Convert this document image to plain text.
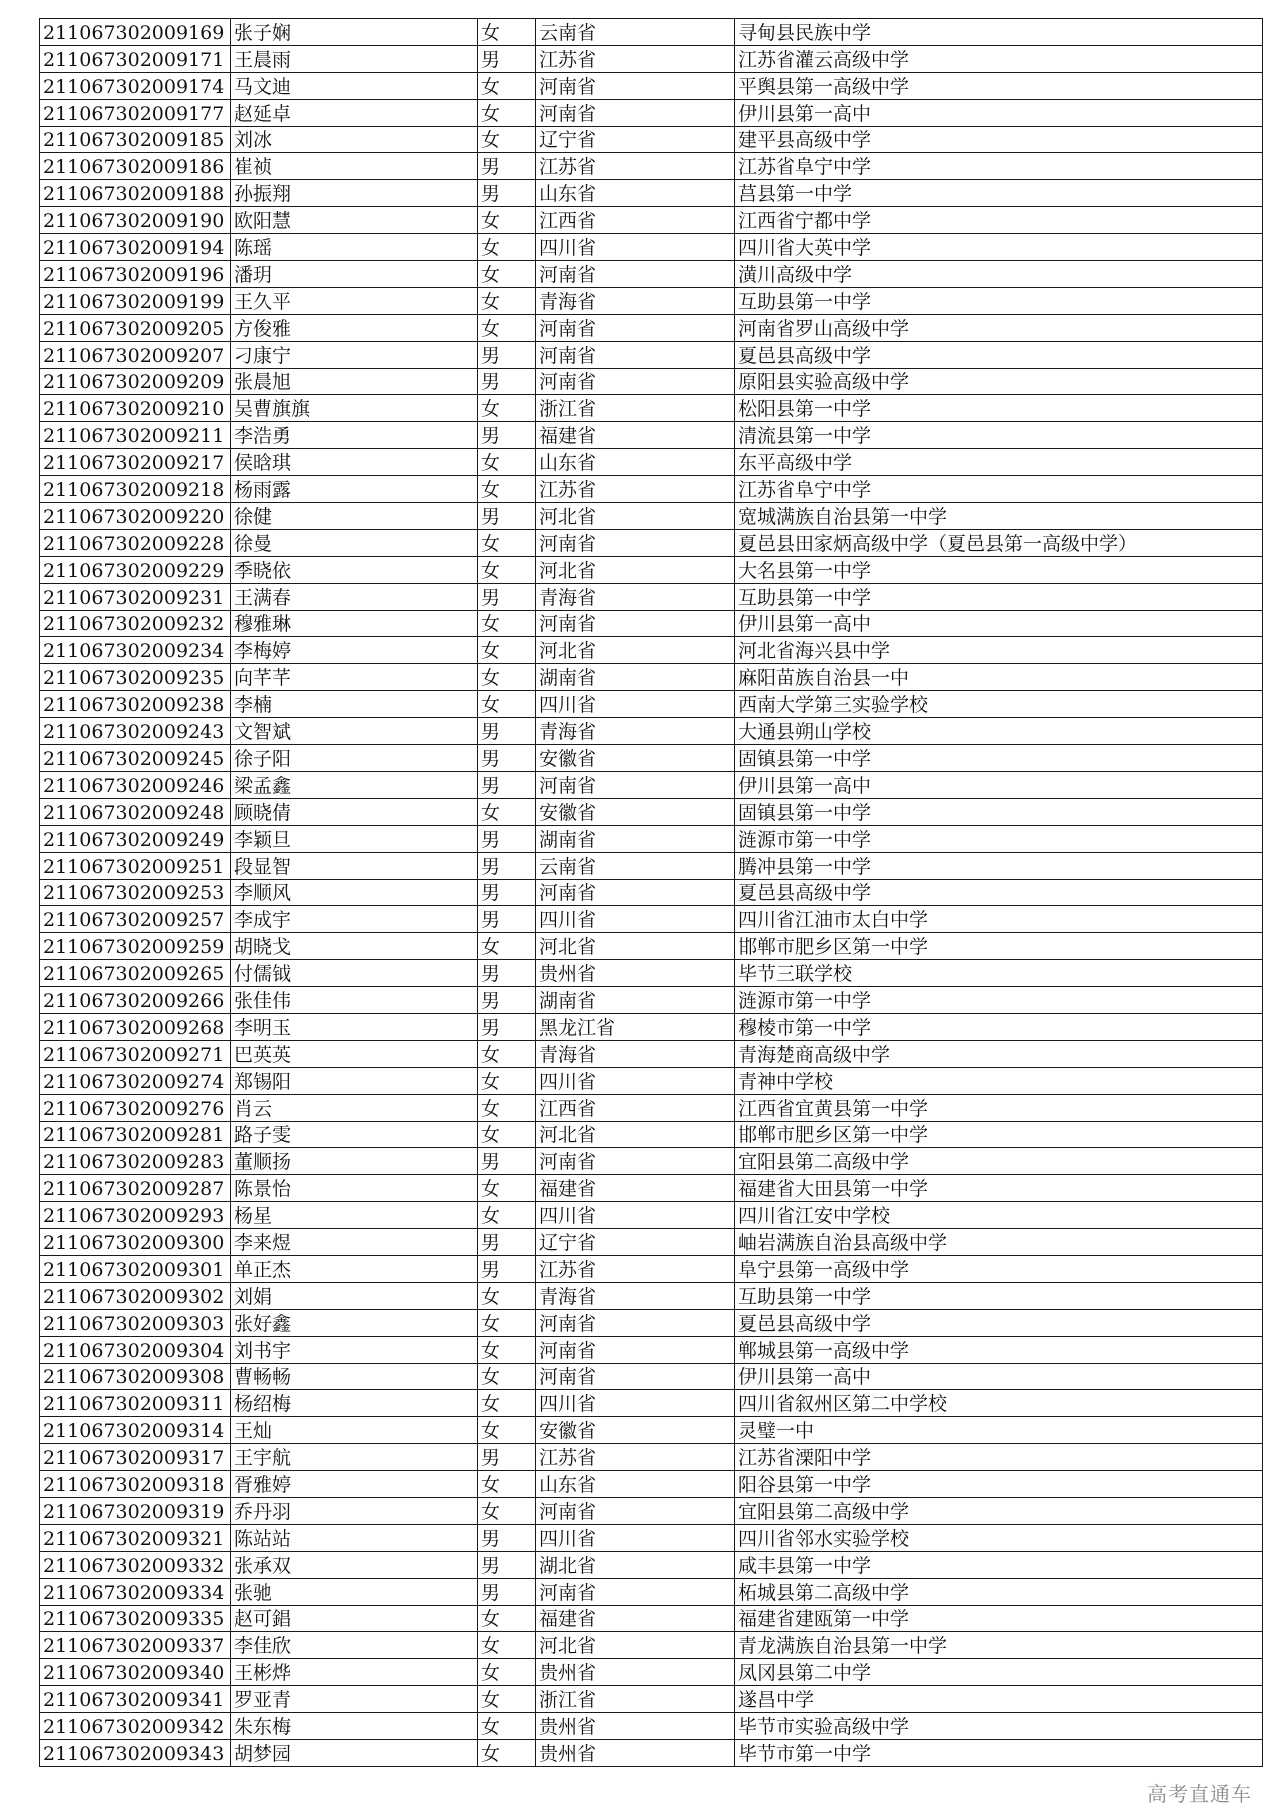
211067302009169	张子娴	女	云南省	寻甸县民族中学
211067302009171	王晨雨	男	江苏省	江苏省灌云高级中学
211067302009174	马文迪	女	河南省	平舆县第一高级中学
211067302009177	赵延卓	女	河南省	伊川县第一高中
211067302009185	刘冰	女	辽宁省	建平县高级中学
211067302009186	崔祯	男	江苏省	江苏省阜宁中学
211067302009188	孙振翔	男	山东省	莒县第一中学
211067302009190	欧阳慧	女	江西省	江西省宁都中学
211067302009194	陈瑶	女	四川省	四川省大英中学
211067302009196	潘玥	女	河南省	潢川高级中学
211067302009199	王久平	女	青海省	互助县第一中学
211067302009205	方俊雅	女	河南省	河南省罗山高级中学
211067302009207	刁康宁	男	河南省	夏邑县高级中学
211067302009209	张晨旭	男	河南省	原阳县实验高级中学
211067302009210	吴曹旗旗	女	浙江省	松阳县第一中学
211067302009211	李浩勇	男	福建省	清流县第一中学
211067302009217	侯晗琪	女	山东省	东平高级中学
211067302009218	杨雨露	女	江苏省	江苏省阜宁中学
211067302009220	徐健	男	河北省	宽城满族自治县第一中学
211067302009228	徐曼	女	河南省	夏邑县田家炳高级中学（夏邑县第一高级中学）
211067302009229	季晓依	女	河北省	大名县第一中学
211067302009231	王满春	男	青海省	互助县第一中学
211067302009232	穆雅琳	女	河南省	伊川县第一高中
211067302009234	李梅婷	女	河北省	河北省海兴县中学
211067302009235	向芊芊	女	湖南省	麻阳苗族自治县一中
211067302009238	李楠	女	四川省	西南大学第三实验学校
211067302009243	文智斌	男	青海省	大通县朔山学校
211067302009245	徐子阳	男	安徽省	固镇县第一中学
211067302009246	梁孟鑫	男	河南省	伊川县第一高中
211067302009248	顾晓倩	女	安徽省	固镇县第一中学
211067302009249	李颖旦	男	湖南省	涟源市第一中学
211067302009251	段显智	男	云南省	腾冲县第一中学
211067302009253	李顺风	男	河南省	夏邑县高级中学
211067302009257	李成宇	男	四川省	四川省江油市太白中学
211067302009259	胡晓戈	女	河北省	邯郸市肥乡区第一中学
211067302009265	付儒钺	男	贵州省	毕节三联学校
211067302009266	张佳伟	男	湖南省	涟源市第一中学
211067302009268	李明玉	男	黑龙江省	穆棱市第一中学
211067302009271	巴英英	女	青海省	青海楚商高级中学
211067302009274	郑锡阳	女	四川省	青神中学校
211067302009276	肖云	女	江西省	江西省宜黄县第一中学
211067302009281	路子雯	女	河北省	邯郸市肥乡区第一中学
211067302009283	董顺扬	男	河南省	宜阳县第二高级中学
211067302009287	陈景怡	女	福建省	福建省大田县第一中学
211067302009293	杨星	女	四川省	四川省江安中学校
211067302009300	李来煜	男	辽宁省	岫岩满族自治县高级中学
211067302009301	单正杰	男	江苏省	阜宁县第一高级中学
211067302009302	刘娟	女	青海省	互助县第一中学
211067302009303	张好鑫	女	河南省	夏邑县高级中学
211067302009304	刘书宇	女	河南省	郸城县第一高级中学
211067302009308	曹畅畅	女	河南省	伊川县第一高中
211067302009311	杨绍梅	女	四川省	四川省叙州区第二中学校
211067302009314	王灿	女	安徽省	灵璧一中
211067302009317	王宇航	男	江苏省	江苏省溧阳中学
211067302009318	胥雅婷	女	山东省	阳谷县第一中学
211067302009319	乔丹羽	女	河南省	宜阳县第二高级中学
211067302009321	陈站站	男	四川省	四川省邻水实验学校
211067302009332	张承双	男	湖北省	咸丰县第一中学
211067302009334	张驰	男	河南省	柘城县第二高级中学
211067302009335	赵可錩	女	福建省	福建省建瓯第一中学
211067302009337	李佳欣	女	河北省	青龙满族自治县第一中学
211067302009340	王彬烨	女	贵州省	凤冈县第二中学
211067302009341	罗亚青	女	浙江省	遂昌中学
211067302009342	朱东梅	女	贵州省	毕节市实验高级中学
211067302009343	胡梦园	女	贵州省	毕节市第一中学
高考直通车
